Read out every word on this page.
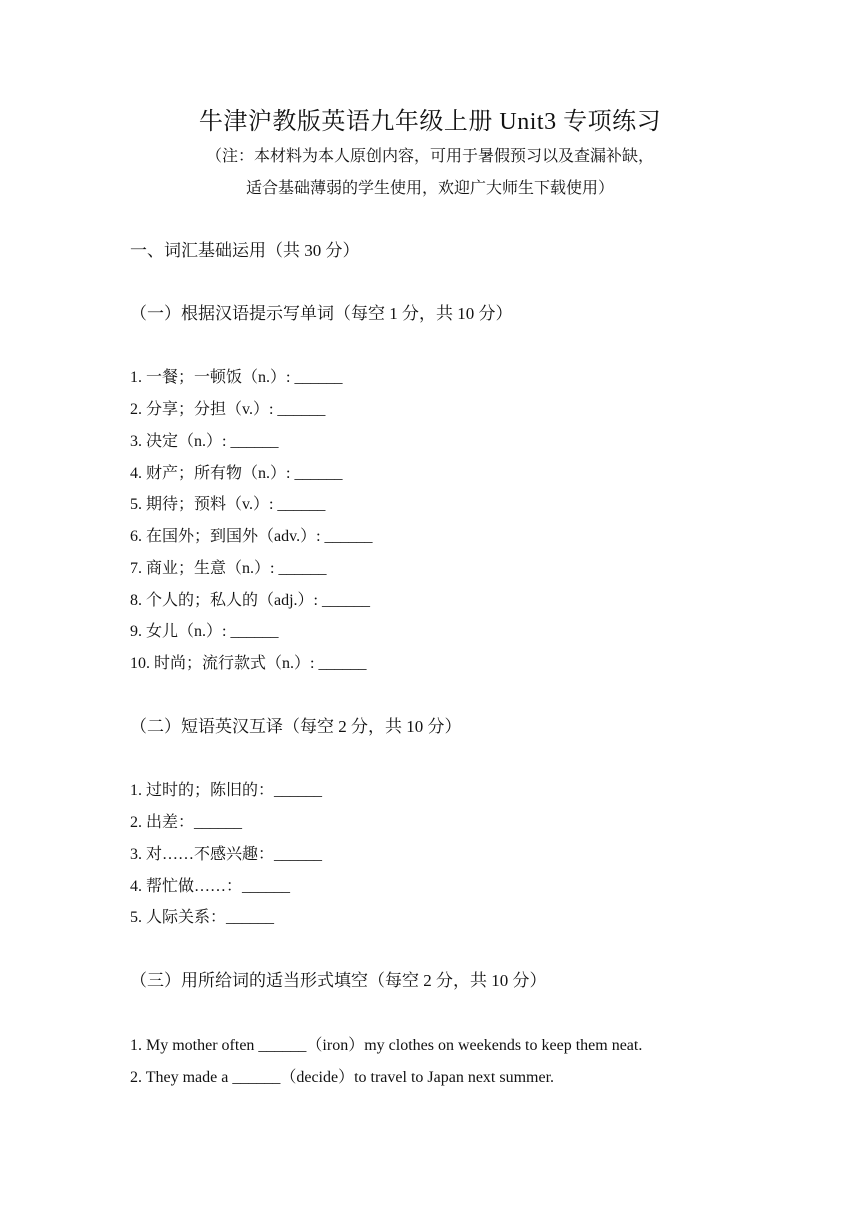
牛津沪教版英语九年级上册 Unit3 专项练习
（注：本材料为本人原创内容，可用于暑假预习以及查漏补缺，
适合基础薄弱的学生使用，欢迎广大师生下载使用）
一、词汇基础运用（共 30 分）
（一）根据汉语提示写单词（每空 1 分，共 10 分）
1. 一餐；一顿饭（n.）: ______
2. 分享；分担（v.）: ______
3. 决定（n.）: ______
4. 财产；所有物（n.）: ______
5. 期待；预料（v.）: ______
6. 在国外；到国外（adv.）: ______
7. 商业；生意（n.）: ______
8. 个人的；私人的（adj.）: ______
9. 女儿（n.）: ______
10. 时尚；流行款式（n.）: ______
（二）短语英汉互译（每空 2 分，共 10 分）
1. 过时的；陈旧的：______
2. 出差：______
3. 对……不感兴趣：______
4. 帮忙做……：______
5. 人际关系：______
（三）用所给词的适当形式填空（每空 2 分，共 10 分）
1. My mother often ______（iron）my clothes on weekends to keep them neat.
2. They made a ______（decide）to travel to Japan next summer.
